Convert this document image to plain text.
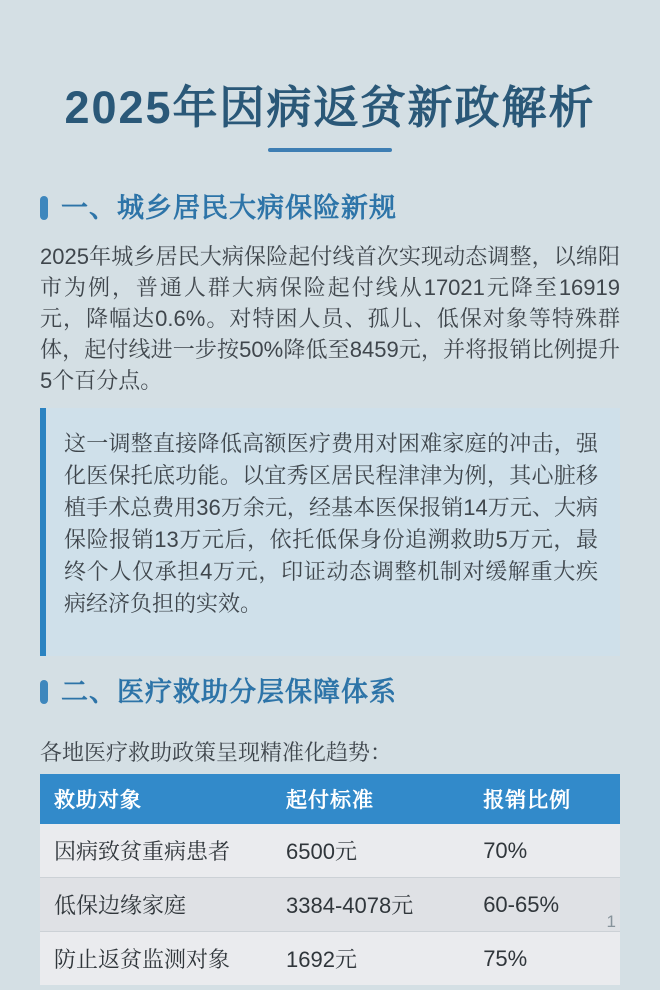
2025年因病返贫新政解析
一、城乡居民大病保险新规

2025年城乡居民大病保险起付线首次实现动态调整，以绵阳市为例，普通人群大病保险起付线从17021元降至16919元，降幅达0.6%。对特困人员、孤儿、低保对象等特殊群体，起付线进一步按50%降低至8459元，并将报销比例提升5个百分点。

这一调整直接降低高额医疗费用对困难家庭的冲击，强化医保托底功能。以宜秀区居民程津津为例，其心脏移植手术总费用36万余元，经基本医保报销14万元、大病保险报销13万元后，依托低保身份追溯救助5万元，最终个人仅承担4万元，印证动态调整机制对缓解重大疾病经济负担的实效。

二、医疗救助分层保障体系

各地医疗救助政策呈现精准化趋势：

救助对象	起付标准	报销比例
因病致贫重病患者	6500元	70%
低保边缘家庭	3384-4078元	60-65%
防止返贫监测对象	1692元	75%
1
